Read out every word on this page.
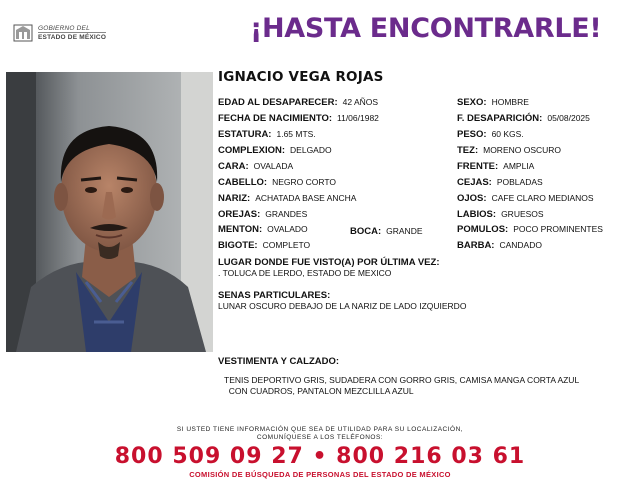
GOBIERNO DEL
ESTADO DE MÉXICO	¡HASTA ENCONTRARLE!
IGNACIO VEGA ROJAS
EDAD AL DESAPARECER: 42 AÑOS
FECHA DE NACIMIENTO: 11/06/1982
ESTATURA: 1.65 MTS.
COMPLEXION: DELGADO
CARA: OVALADA
CABELLO: NEGRO CORTO
NARIZ: ACHATADA BASE ANCHA
OREJAS: GRANDES
MENTON: OVALADO
BIGOTE: COMPLETO
BOCA: GRANDE
SEXO: HOMBRE
F. DESAPARICIÓN: 05/08/2025
PESO: 60 KGS.
TEZ: MORENO OSCURO
FRENTE: AMPLIA
CEJAS: POBLADAS
OJOS: CAFE CLARO MEDIANOS
LABIOS: GRUESOS
POMULOS: POCO PROMINENTES
BARBA: CANDADO
LUGAR DONDE FUE VISTO(A) POR ÚLTIMA VEZ:
. TOLUCA DE LERDO, ESTADO DE MEXICO
SENAS PARTICULARES:
LUNAR OSCURO DEBAJO DE LA NARIZ DE LADO IZQUIERDO
VESTIMENTA Y CALZADO:
TENIS DEPORTIVO GRIS, SUDADERA CON GORRO GRIS, CAMISA MANGA CORTA AZUL
CON CUADROS, PANTALON MEZCLILLA AZUL
SI USTED TIENE INFORMACIÓN QUE SEA DE UTILIDAD PARA SU LOCALIZACIÓN,
COMUNÍQUESE A LOS TELÉFONOS:
800 509 09 27 • 800 216 03 61
COMISIÓN DE BÚSQUEDA DE PERSONAS DEL ESTADO DE MÉXICO
